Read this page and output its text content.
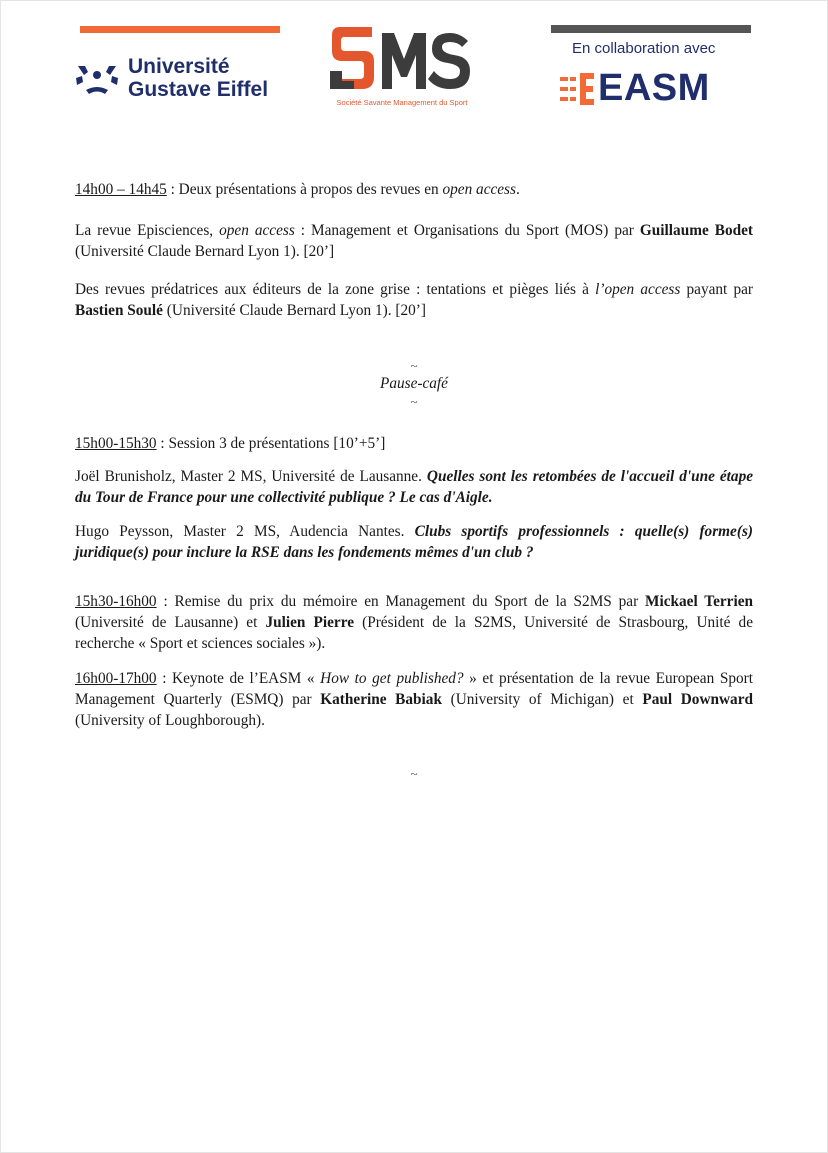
Université
Gustave Eiffel
Société Savante Management du Sport
En collaboration avec
EASM

14h00 – 14h45 : Deux présentations à propos des revues en open access.

La revue Episciences, open access : Management et Organisations du Sport (MOS) par Guillaume Bodet (Université Claude Bernard Lyon 1). [20’]

Des revues prédatrices aux éditeurs de la zone grise : tentations et pièges liés à l’open access payant par Bastien Soulé (Université Claude Bernard Lyon 1). [20’]

~
Pause-café
~

15h00-15h30 : Session 3 de présentations [10’+5’]

Joël Brunisholz, Master 2 MS, Université de Lausanne. Quelles sont les retombées de l'accueil d'une étape du Tour de France pour une collectivité publique ? Le cas d'Aigle.

Hugo Peysson, Master 2 MS, Audencia Nantes. Clubs sportifs professionnels : quelle(s) forme(s) juridique(s) pour inclure la RSE dans les fondements mêmes d'un club ?

15h30-16h00 : Remise du prix du mémoire en Management du Sport de la S2MS par Mickael Terrien (Université de Lausanne) et Julien Pierre (Président de la S2MS, Université de Strasbourg, Unité de recherche « Sport et sciences sociales »).

16h00-17h00 : Keynote de l’EASM « How to get published? » et présentation de la revue European Sport Management Quarterly (ESMQ) par Katherine Babiak (University of Michigan) et Paul Downward (University of Loughborough).

~
